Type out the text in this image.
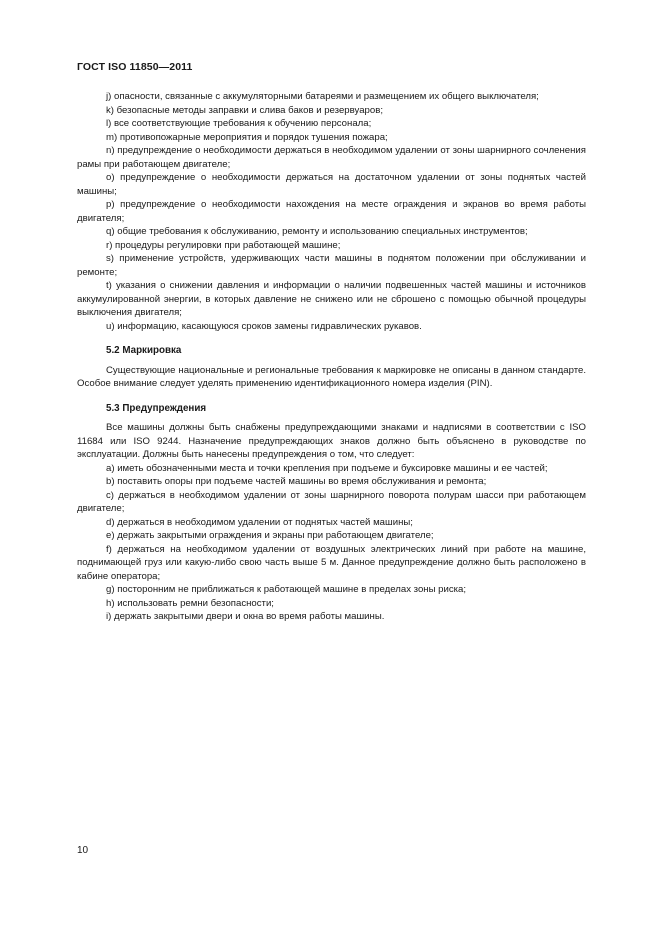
ГОСТ ISO 11850—2011

j) опасности, связанные с аккумуляторными батареями и размещением их общего выключателя;

k) безопасные методы заправки и слива баков и резервуаров;

l) все соответствующие требования к обучению персонала;

m) противопожарные мероприятия и порядок тушения пожара;

n) предупреждение о необходимости держаться в необходимом удалении от зоны шарнирного сочленения рамы при работающем двигателе;

о) предупреждение о необходимости держаться на достаточном удалении от зоны поднятых частей машины;

p) предупреждение о необходимости нахождения на месте ограждения и экранов во время работы двигателя;

q) общие требования к обслуживанию, ремонту и использованию специальных инструментов;

r) процедуры регулировки при работающей машине;

s) применение устройств, удерживающих части машины в поднятом положении при обслуживании и ремонте;

t) указания о снижении давления и информации о наличии подвешенных частей машины и источников аккумулированной энергии, в которых давление не снижено или не сброшено с помощью обычной процедуры выключения двигателя;

u) информацию, касающуюся сроков замены гидравлических рукавов.

5.2 Маркировка

Существующие национальные и региональные требования к маркировке не описаны в данном стандарте. Особое внимание следует уделять применению идентификационного номера изделия (PIN).

5.3 Предупреждения

Все машины должны быть снабжены предупреждающими знаками и надписями в соответствии с ISO 11684 или ISO 9244. Назначение предупреждающих знаков должно быть объяснено в руководстве по эксплуатации. Должны быть нанесены предупреждения о том, что следует:

a) иметь обозначенными места и точки крепления при подъеме и буксировке машины и ее частей;

b) поставить опоры при подъеме частей машины во время обслуживания и ремонта;

c) держаться в необходимом удалении от зоны шарнирного поворота полурам шасси при работающем двигателе;

d) держаться в необходимом удалении от поднятых частей машины;

e) держать закрытыми ограждения и экраны при работающем двигателе;

f) держаться на необходимом удалении от воздушных электрических линий при работе на машине, поднимающей груз или какую-либо свою часть выше 5 м. Данное предупреждение должно быть расположено в кабине оператора;

g) посторонним не приближаться к работающей машине в пределах зоны риска;

h) использовать ремни безопасности;

i) держать закрытыми двери и окна во время работы машины.

10
